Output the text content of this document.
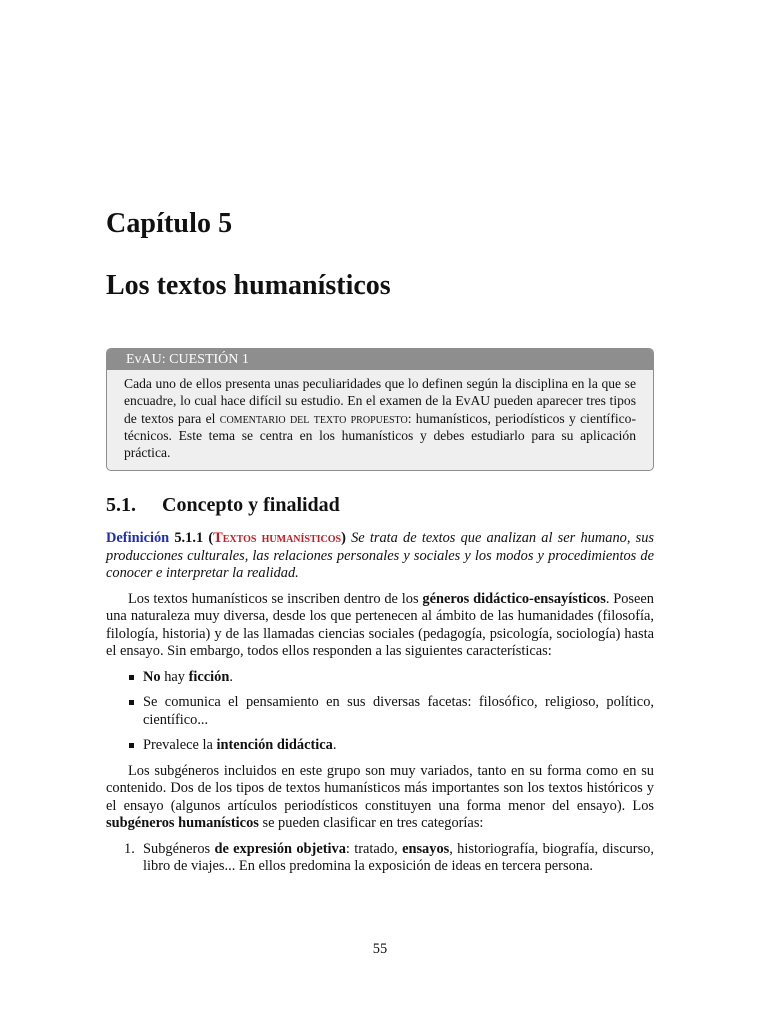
Capítulo 5
Los textos humanísticos
EvAU: CUESTIÓN 1
Cada uno de ellos presenta unas peculiaridades que lo definen según la disciplina en la que se encuadre, lo cual hace difícil su estudio. En el examen de la EvAU pueden aparecer tres tipos de textos para el comentario del texto propuesto: humanísticos, periodísticos y científico-técnicos. Este tema se centra en los humanísticos y debes estudiarlo para su aplicación práctica.
5.1. Concepto y finalidad

Definición 5.1.1 (Textos humanísticos) Se trata de textos que analizan al ser humano, sus producciones culturales, las relaciones personales y sociales y los modos y procedimientos de conocer e interpretar la realidad.

Los textos humanísticos se inscriben dentro de los géneros didáctico-ensayísticos. Poseen una naturaleza muy diversa, desde los que pertenecen al ámbito de las humanidades (filosofía, filología, historia) y de las llamadas ciencias sociales (pedagogía, psicología, sociología) hasta el ensayo. Sin embargo, todos ellos responden a las siguientes características:

No hay ficción.
Se comunica el pensamiento en sus diversas facetas: filosófico, religioso, político, científico...
Prevalece la intención didáctica.

Los subgéneros incluidos en este grupo son muy variados, tanto en su forma como en su contenido. Dos de los tipos de textos humanísticos más importantes son los textos históricos y el ensayo (algunos artículos periodísticos constituyen una forma menor del ensayo). Los subgéneros humanísticos se pueden clasificar en tres categorías:

1. Subgéneros de expresión objetiva: tratado, ensayos, historiografía, biografía, discurso, libro de viajes... En ellos predomina la exposición de ideas en tercera persona.
55
